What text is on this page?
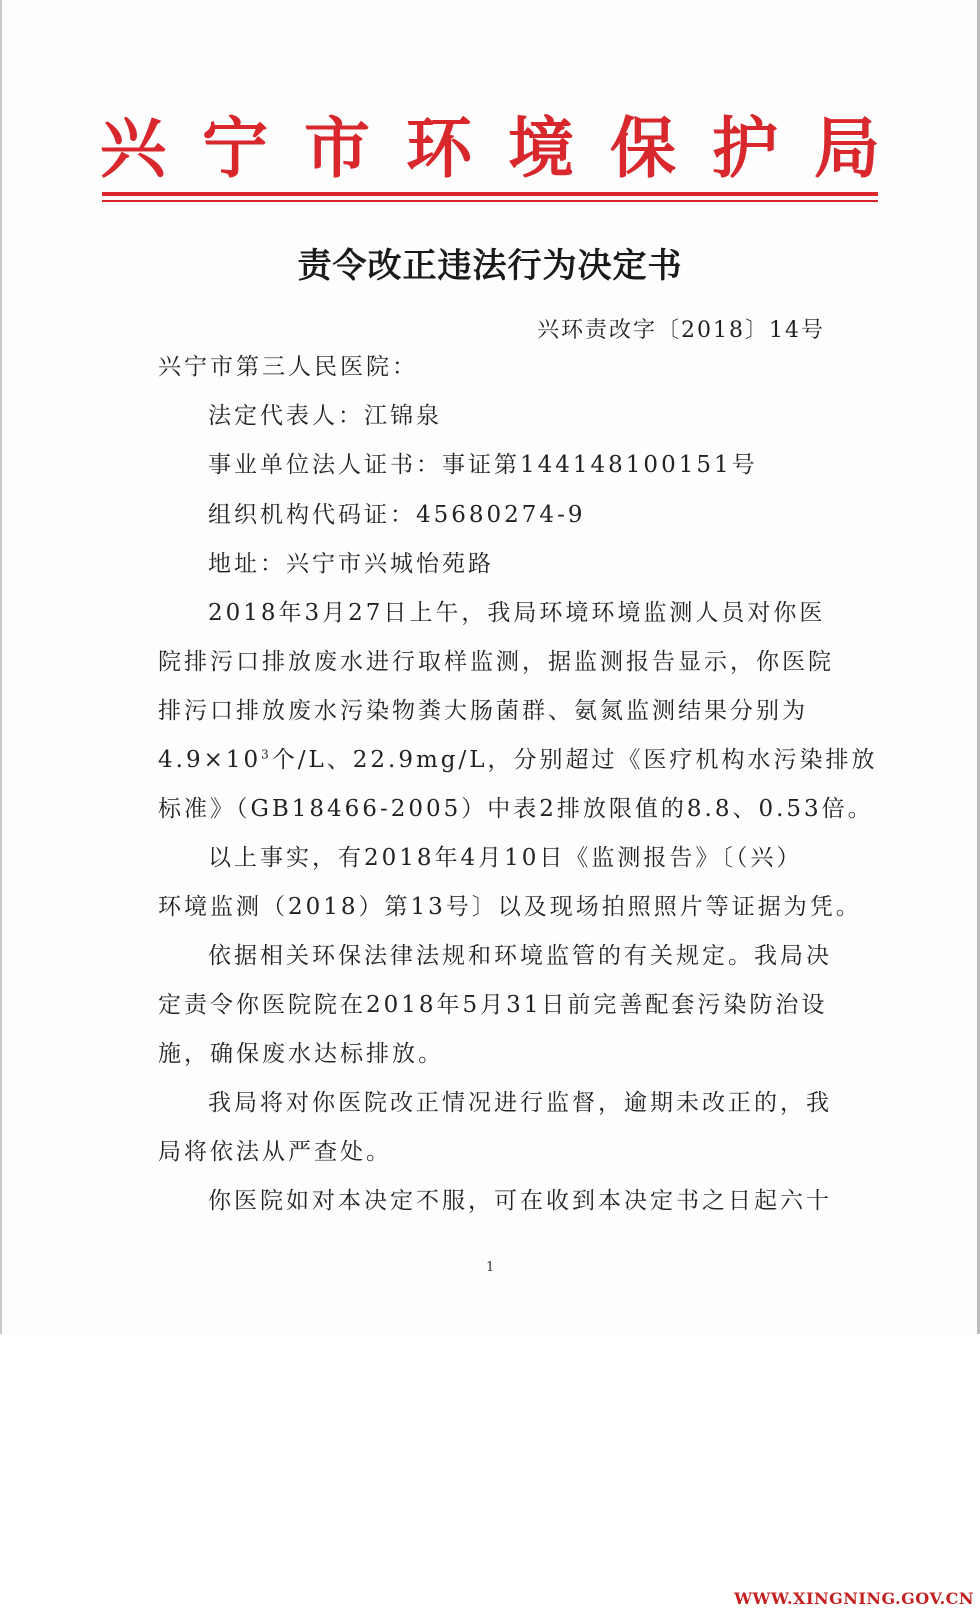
兴 宁 市 环 境 保 护 局
责令改正违法行为决定书
兴环责改字〔2018〕14号
兴宁市第三人民医院：
法定代表人：江锦泉
事业单位法人证书：事证第144148100151号
组织机构代码证：45680274-9
地址：兴宁市兴城怡苑路
2018年3月27日上午，我局环境环境监测人员对你医
院排污口排放废水进行取样监测，据监测报告显示，你医院
排污口排放废水污染物粪大肠菌群、氨氮监测结果分别为
$4.9\times 10^3$个/L、22.9mg/L，分别超过《医疗机构水污染排放
标准》（GB18466-2005）中表2排放限值的8.8、0.53倍。
以上事实，有2018年4月10日《监测报告》〔（兴）
环境监测（2018）第13号〕以及现场拍照照片等证据为凭。
依据相关环保法律法规和环境监管的有关规定。我局决
定责令你医院院在2018年5月31日前完善配套污染防治设
施，确保废水达标排放。
我局将对你医院改正情况进行监督，逾期未改正的，我
局将依法从严查处。
你医院如对本决定不服，可在收到本决定书之日起六十
1
WWW.XINGNING.GOV.CN
